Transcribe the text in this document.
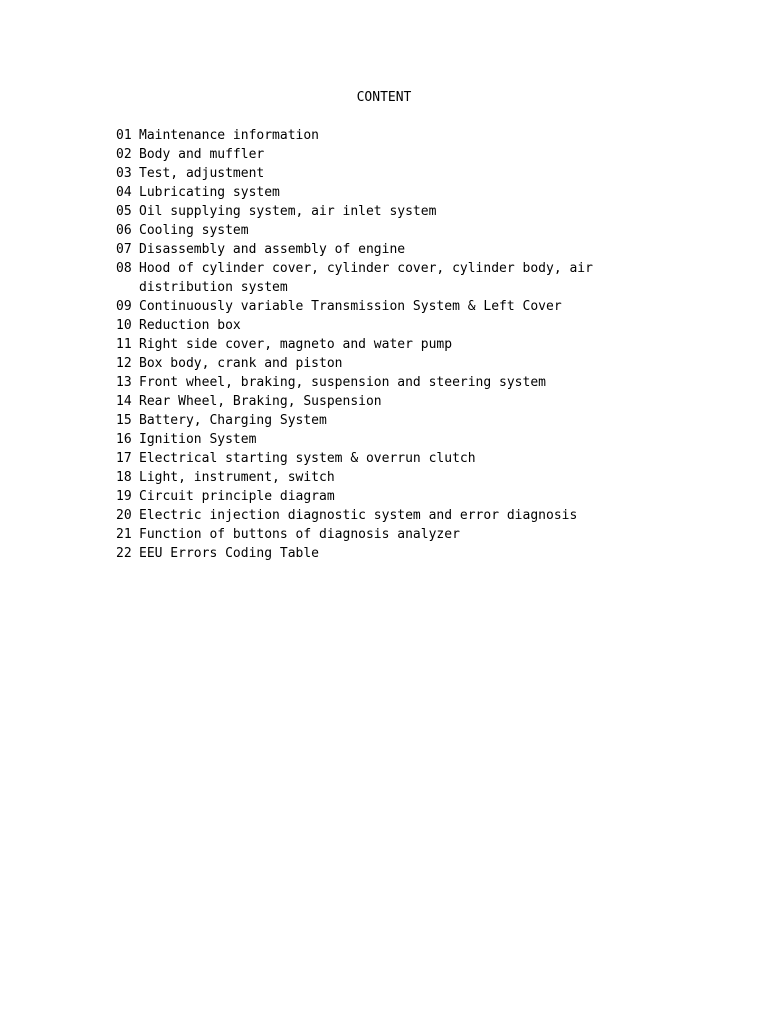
CONTENT
01 Maintenance information
02 Body and muffler
03 Test, adjustment
04 Lubricating system
05 Oil supplying system, air inlet system
06 Cooling system
07 Disassembly and assembly of engine
08 Hood of cylinder cover, cylinder cover, cylinder body, air
distribution system
09 Continuously variable Transmission System & Left Cover
10 Reduction box
11 Right side cover, magneto and water pump
12 Box body, crank and piston
13 Front wheel, braking, suspension and steering system
14 Rear Wheel, Braking, Suspension
15 Battery, Charging System
16 Ignition System
17 Electrical starting system & overrun clutch
18 Light, instrument, switch
19 Circuit principle diagram
20 Electric injection diagnostic system and error diagnosis
21 Function of buttons of diagnosis analyzer
22 EEU Errors Coding Table
